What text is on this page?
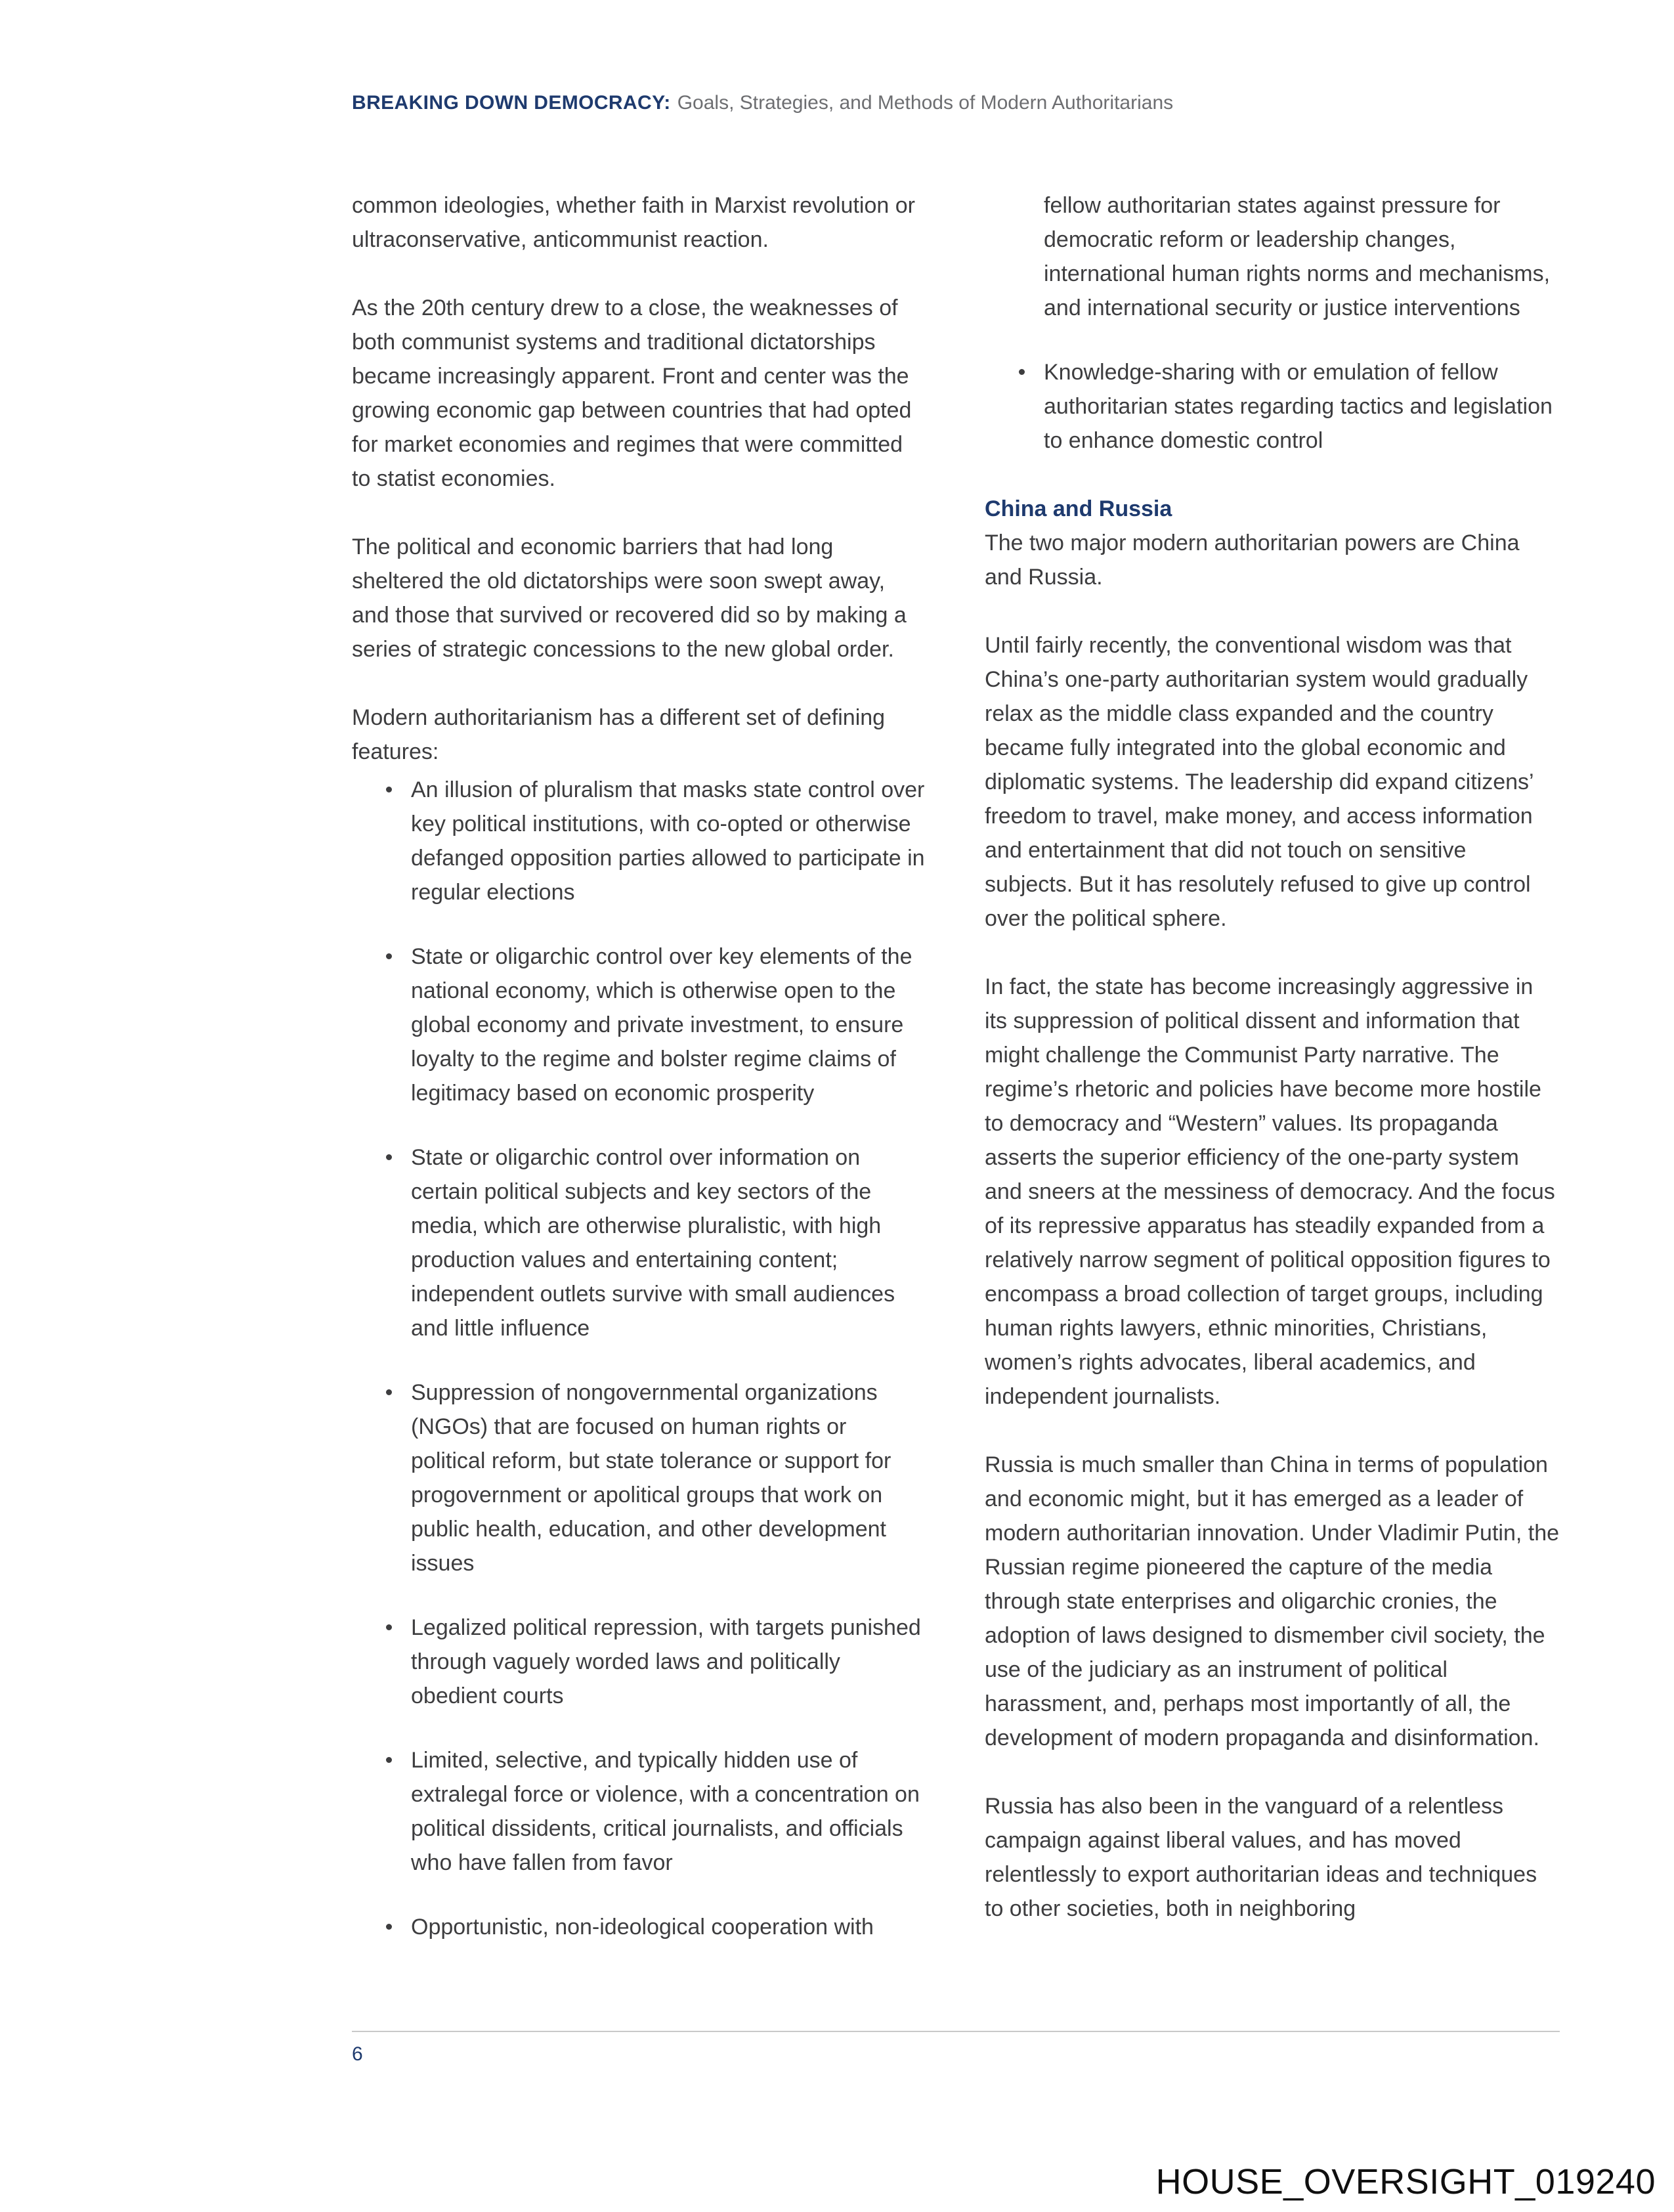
BREAKING DOWN DEMOCRACY: Goals, Strategies, and Methods of Modern Authoritarians

common ideologies, whether faith in Marxist revolution or ultraconservative, anticommunist reaction.

As the 20th century drew to a close, the weaknesses of both communist systems and traditional dictatorships became increasingly apparent. Front and center was the growing economic gap between countries that had opted for market economies and regimes that were committed to statist economies.

The political and economic barriers that had long sheltered the old dictatorships were soon swept away, and those that survived or recovered did so by making a series of strategic concessions to the new global order.

Modern authoritarianism has a different set of defining features:

An illusion of pluralism that masks state control over key political institutions, with co-opted or otherwise defanged opposition parties allowed to participate in regular elections
State or oligarchic control over key elements of the national economy, which is otherwise open to the global economy and private investment, to ensure loyalty to the regime and bolster regime claims of legitimacy based on economic prosperity
State or oligarchic control over information on certain political subjects and key sectors of the media, which are otherwise pluralistic, with high production values and entertaining content; independent outlets survive with small audiences and little influence
Suppression of nongovernmental organizations (NGOs) that are focused on human rights or political reform, but state tolerance or support for progovernment or apolitical groups that work on public health, education, and other development issues
Legalized political repression, with targets punished through vaguely worded laws and politically obedient courts
Limited, selective, and typically hidden use of extralegal force or violence, with a concentration on political dissidents, critical journalists, and officials who have fallen from favor
Opportunistic, non-ideological cooperation with

fellow authoritarian states against pressure for democratic reform or leadership changes, international human rights norms and mechanisms, and international security or justice interventions

Knowledge-sharing with or emulation of fellow authoritarian states regarding tactics and legislation to enhance domestic control

China and Russia

The two major modern authoritarian powers are China and Russia.

Until fairly recently, the conventional wisdom was that China’s one-party authoritarian system would gradually relax as the middle class expanded and the country became fully integrated into the global economic and diplomatic systems. The leadership did expand citizens’ freedom to travel, make money, and access information and entertainment that did not touch on sensitive subjects. But it has resolutely refused to give up control over the political sphere.

In fact, the state has become increasingly aggressive in its suppression of political dissent and information that might challenge the Communist Party narrative. The regime’s rhetoric and policies have become more hostile to democracy and “Western” values. Its propaganda asserts the superior efficiency of the one-party system and sneers at the messiness of democracy. And the focus of its repressive apparatus has steadily expanded from a relatively narrow segment of political opposition figures to encompass a broad collection of target groups, including human rights lawyers, ethnic minorities, Christians, women’s rights advocates, liberal academics, and independent journalists.

Russia is much smaller than China in terms of population and economic might, but it has emerged as a leader of modern authoritarian innovation. Under Vladimir Putin, the Russian regime pioneered the capture of the media through state enterprises and oligarchic cronies, the adoption of laws designed to dismember civil society, the use of the judiciary as an instrument of political harassment, and, perhaps most importantly of all, the development of modern propaganda and disinformation.

Russia has also been in the vanguard of a relentless campaign against liberal values, and has moved relentlessly to export authoritarian ideas and techniques to other societies, both in neighboring

6
HOUSE_OVERSIGHT_019240
